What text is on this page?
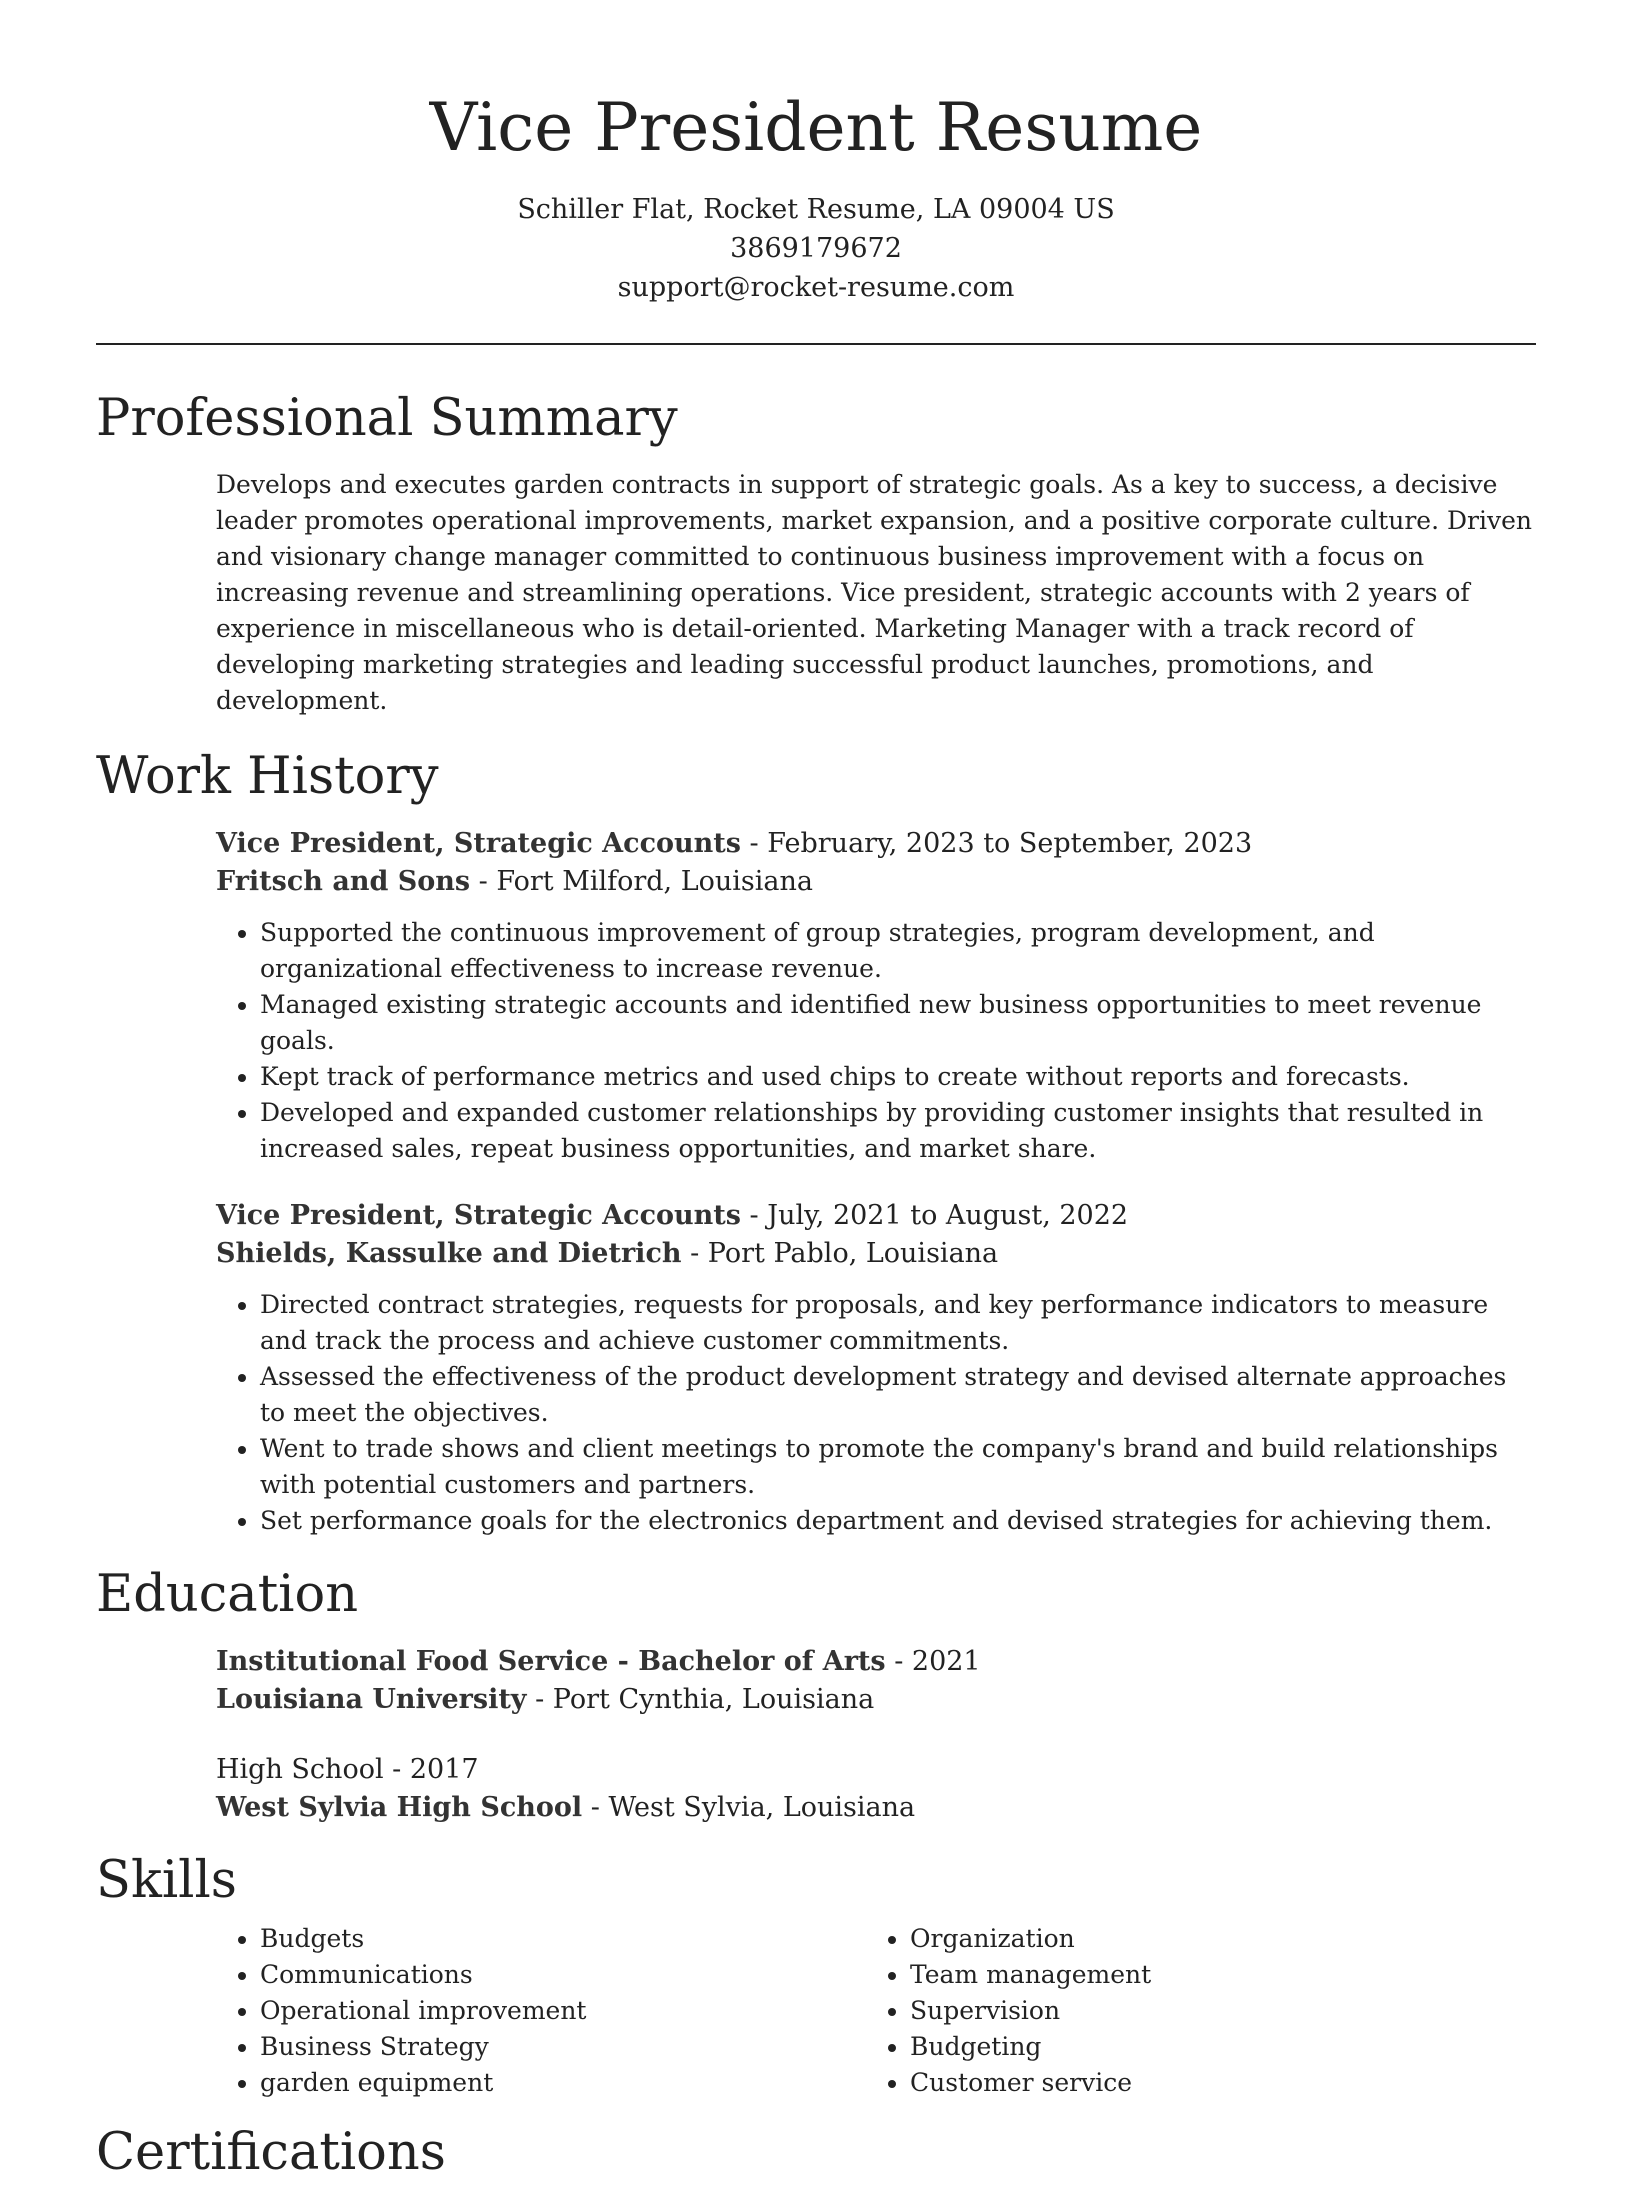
Vice President Resume

Schiller Flat, Rocket Resume, LA 09004 US

3869179672

support@rocket-resume.com

Professional Summary

Develops and executes garden contracts in support of strategic goals. As a key to success, a decisive leader promotes operational improvements, market expansion, and a positive corporate culture. Driven and visionary change manager committed to continuous business improvement with a focus on increasing revenue and streamlining operations. Vice president, strategic accounts with 2 years of experience in miscellaneous who is detail-oriented. Marketing Manager with a track record of developing marketing strategies and leading successful product launches, promotions, and development.

Work History

Vice President, Strategic Accounts - February, 2023 to September, 2023

Fritsch and Sons - Fort Milford, Louisiana

• Supported the continuous improvement of group strategies, program development, and organizational effectiveness to increase revenue.
• Managed existing strategic accounts and identified new business opportunities to meet revenue goals.
• Kept track of performance metrics and used chips to create without reports and forecasts.
• Developed and expanded customer relationships by providing customer insights that resulted in increased sales, repeat business opportunities, and market share.

Vice President, Strategic Accounts - July, 2021 to August, 2022

Shields, Kassulke and Dietrich - Port Pablo, Louisiana

• Directed contract strategies, requests for proposals, and key performance indicators to measure and track the process and achieve customer commitments.
• Assessed the effectiveness of the product development strategy and devised alternate approaches to meet the objectives.
• Went to trade shows and client meetings to promote the company's brand and build relationships with potential customers and partners.
• Set performance goals for the electronics department and devised strategies for achieving them.
Education

Institutional Food Service - Bachelor of Arts - 2021

Louisiana University - Port Cynthia, Louisiana

High School - 2017

West Sylvia High School - West Sylvia, Louisiana

Skills
• Budgets
• Communications
• Operational improvement
• Business Strategy
• garden equipment
• Organization
• Team management
• Supervision
• Budgeting
• Customer service
Certifications
